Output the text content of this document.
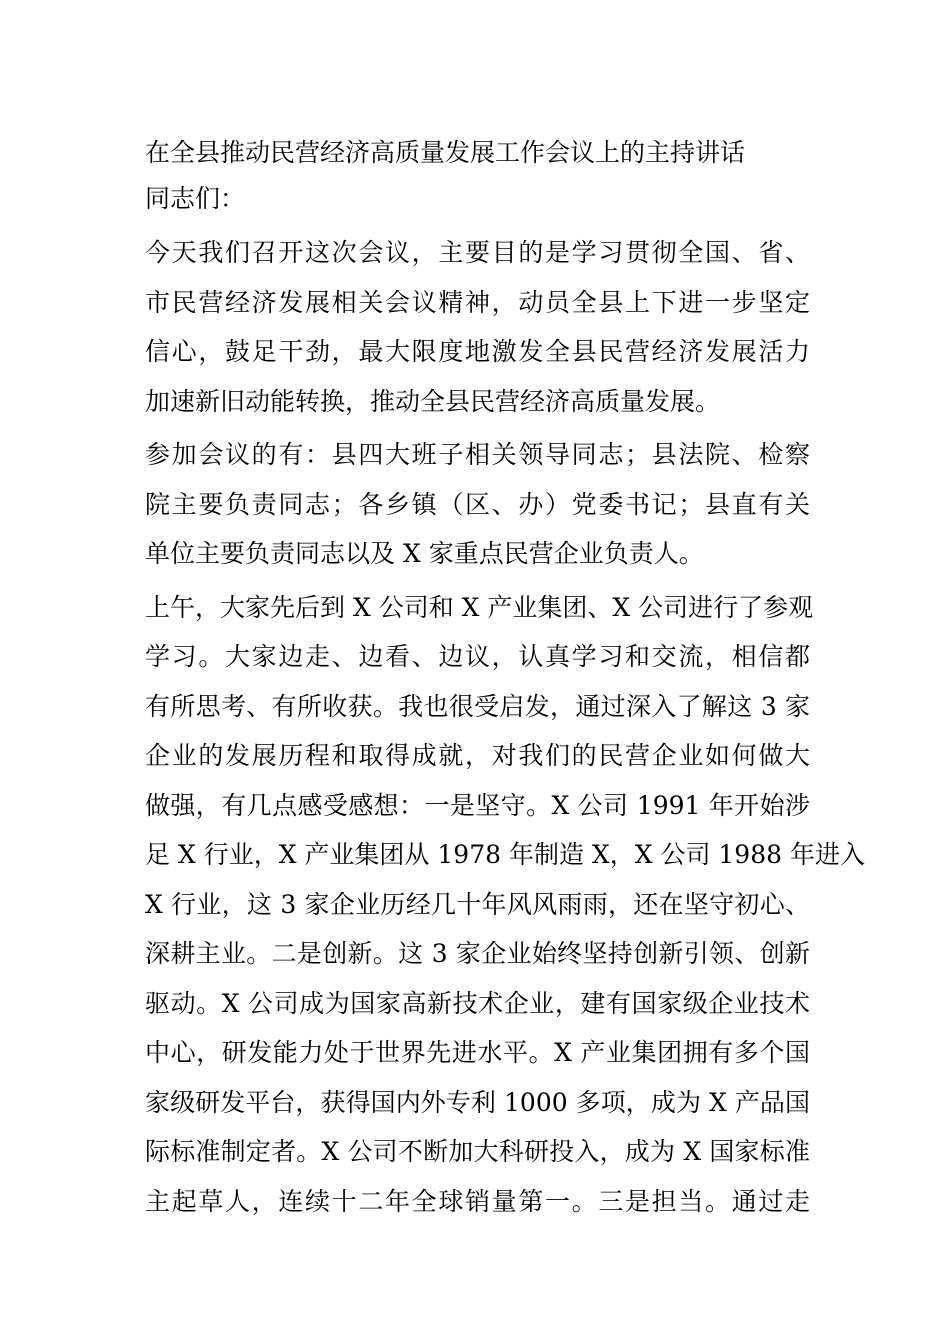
在全县推动民营经济高质量发展工作会议上的主持讲话
同志们：
今天我们召开这次会议，主要目的是学习贯彻全国、省、
市民营经济发展相关会议精神，动员全县上下进一步坚定
信心，鼓足干劲，最大限度地激发全县民营经济发展活力
加速新旧动能转换，推动全县民营经济高质量发展。
参加会议的有：县四大班子相关领导同志；县法院、检察
院主要负责同志；各乡镇（区、办）党委书记；县直有关
单位主要负责同志以及 X 家重点民营企业负责人。
上午，大家先后到 X 公司和 X 产业集团、X 公司进行了参观
学习。大家边走、边看、边议，认真学习和交流，相信都
有所思考、有所收获。我也很受启发，通过深入了解这 3 家
企业的发展历程和取得成就，对我们的民营企业如何做大
做强，有几点感受感想：一是坚守。X 公司 1991 年开始涉
足 X 行业，X 产业集团从 1978 年制造 X，X 公司 1988 年进入
X 行业，这 3 家企业历经几十年风风雨雨，还在坚守初心、
深耕主业。二是创新。这 3 家企业始终坚持创新引领、创新
驱动。X 公司成为国家高新技术企业，建有国家级企业技术
中心，研发能力处于世界先进水平。X 产业集团拥有多个国
家级研发平台，获得国内外专利 1000 多项，成为 X 产品国
际标准制定者。X 公司不断加大科研投入，成为 X 国家标准
主起草人，连续十二年全球销量第一。三是担当。通过走
